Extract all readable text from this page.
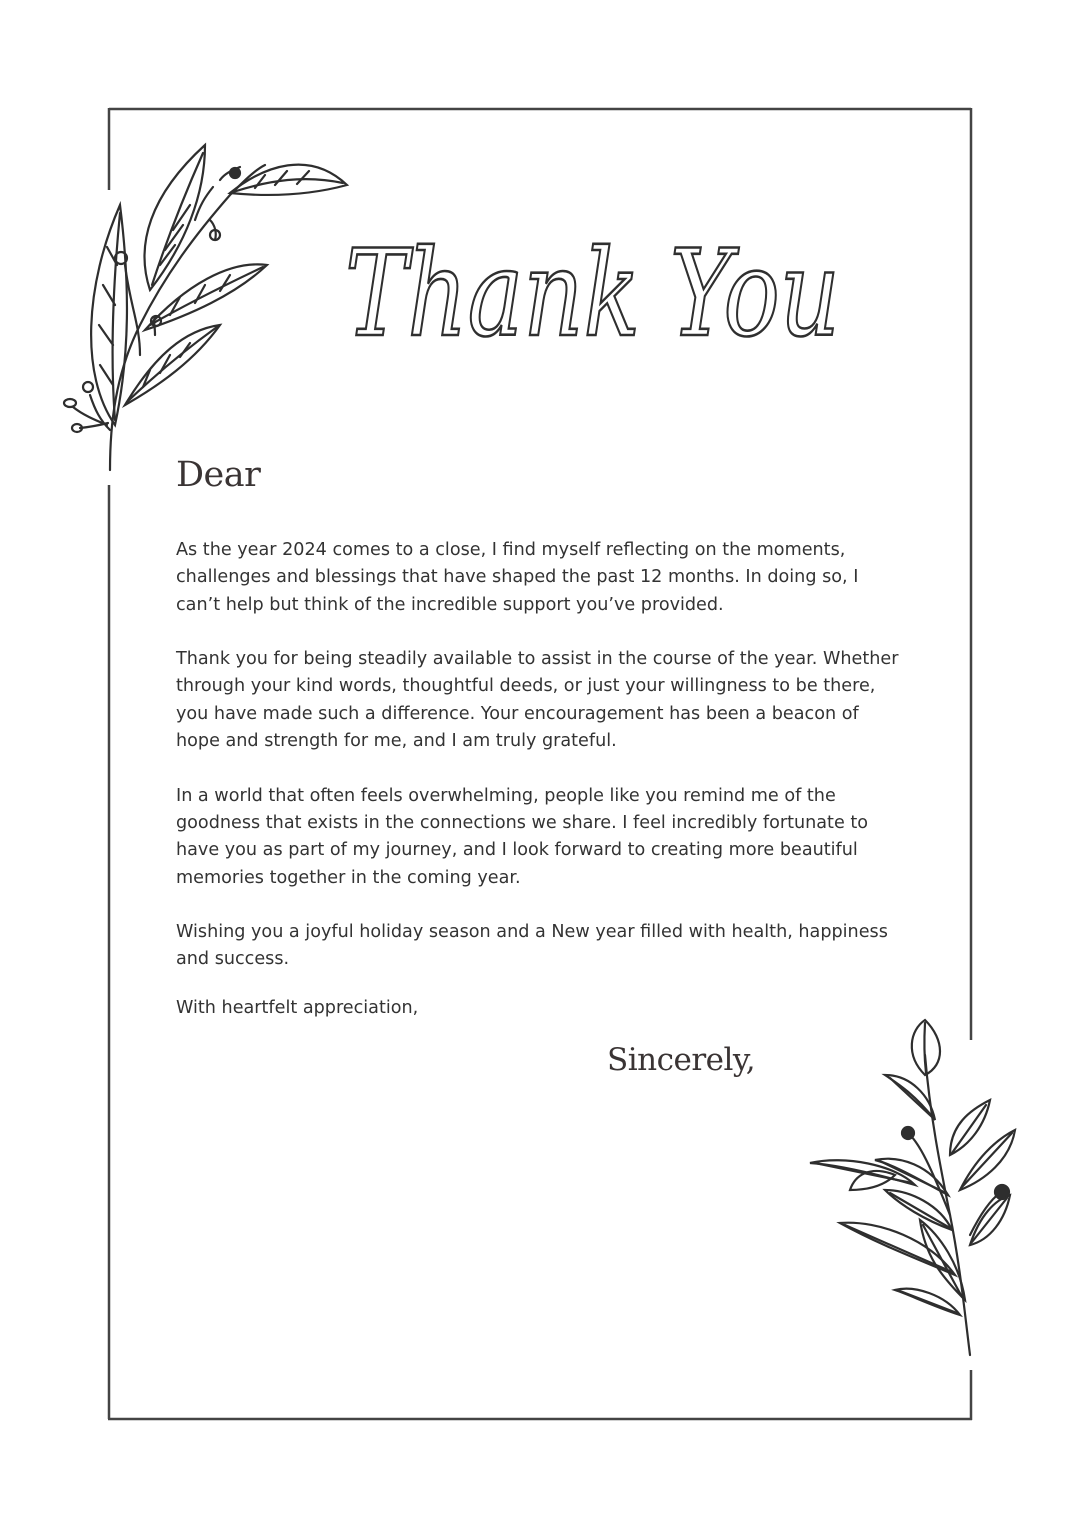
Thank You
Dear

As the year 2024 comes to a close, I find myself reflecting on the moments, challenges and blessings that have shaped the past 12 months. In doing so, I can’t help but think of the incredible support you’ve provided.

Thank you for being steadily available to assist in the course of the year. Whether through your kind words, thoughtful deeds, or just your willingness to be there, you have made such a difference. Your encouragement has been a beacon of hope and strength for me, and I am truly grateful.

In a world that often feels overwhelming, people like you remind me of the goodness that exists in the connections we share. I feel incredibly fortunate to have you as part of my journey, and I look forward to creating more beautiful memories together in the coming year.

Wishing you a joyful holiday season and a New year filled with health, happiness and success.

With heartfelt appreciation,
Sincerely,
